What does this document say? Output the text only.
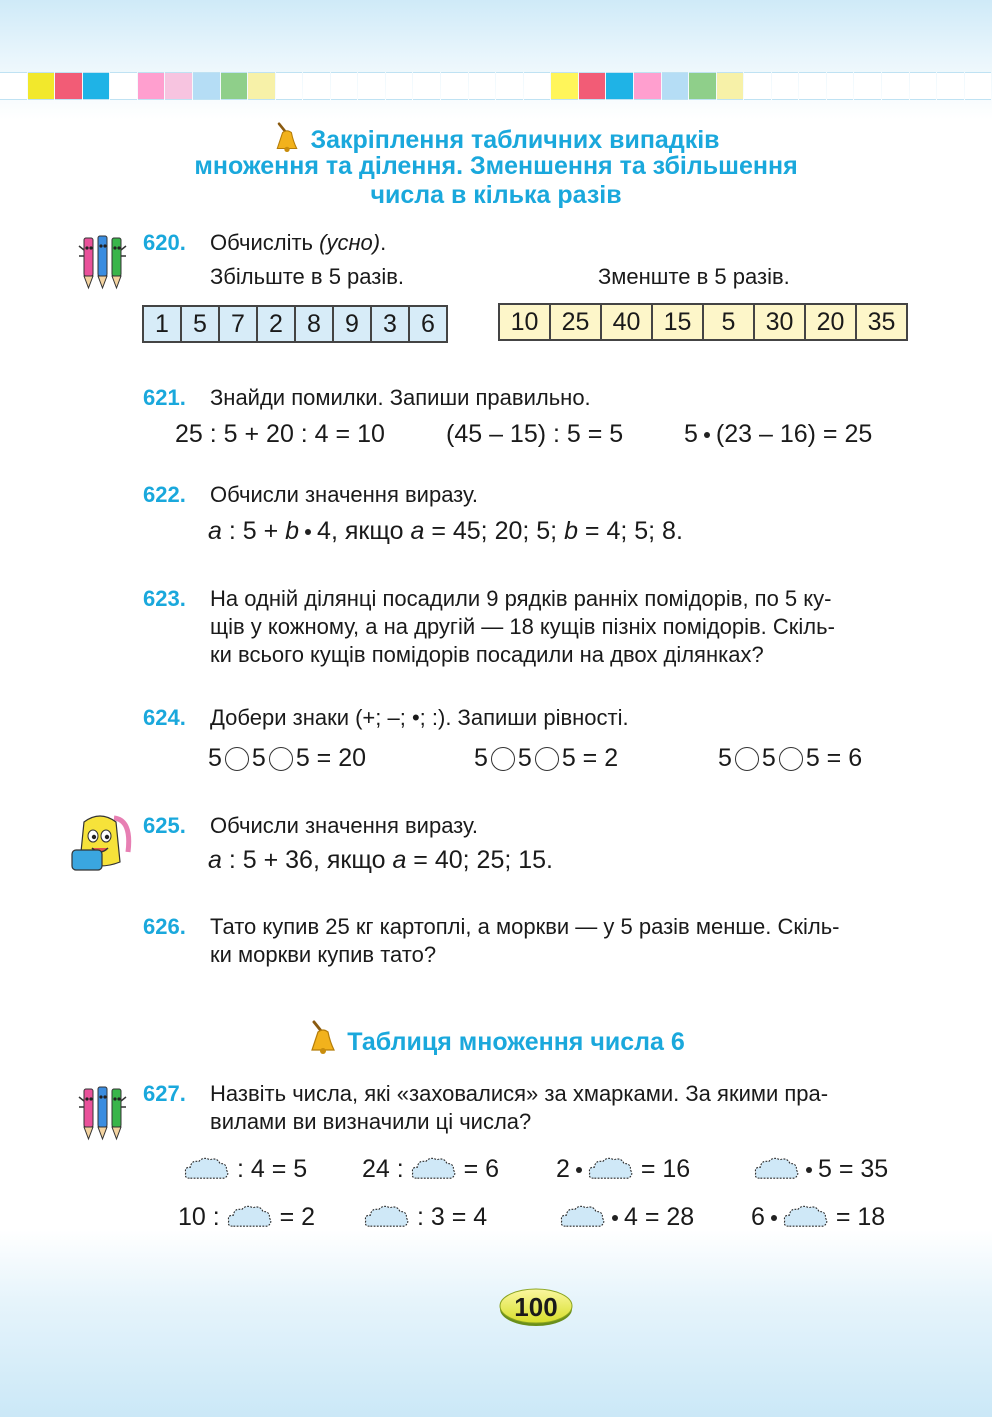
Закріплення табличних випадків
множення та ділення. Зменшення та збільшення
числа в кілька разів
620. Обчисліть (усно).
Збільште в 5 разів.	Зменште в 5 разів.
1	5	7	2	8	9	3	6	10	25	40	15	5	30	20	35
621. Знайди помилки. Запиши правильно.
25 : 5 + 20 : 4 = 10 (45 – 15) : 5 = 5 5 (23 – 16) = 25
622. Обчисли значення виразу.
a : 5 + b 4, якщо a = 45; 20; 5; b = 4; 5; 8.
623. На одній ділянці посадили 9 рядків ранніх помідорів, по 5 ку-
щів у кожному, а на другій — 18 кущів пізніх помідорів. Скіль-
ки всього кущів помідорів посадили на двох ділянках?
624. Добери знаки (+; –; •; :). Запиши рівності.
5 5 5 = 20	5 5 5 = 2	5 5 5 = 6
625. Обчисли значення виразу.
a : 5 + 36, якщо a = 40; 25; 15.
626. Тато купив 25 кг картоплі, а моркви — у 5 разів менше. Скіль-
ки моркви купив тато?
Таблиця множення числа 6
627. Назвіть числа, які «заховалися» за хмарками. За якими пра-
вилами ви визначили ці числа?
: 4 = 5 24 : = 6 2	= 16	5 = 35
10 : = 2	: 3 = 4	4 = 28 6	= 18
100
